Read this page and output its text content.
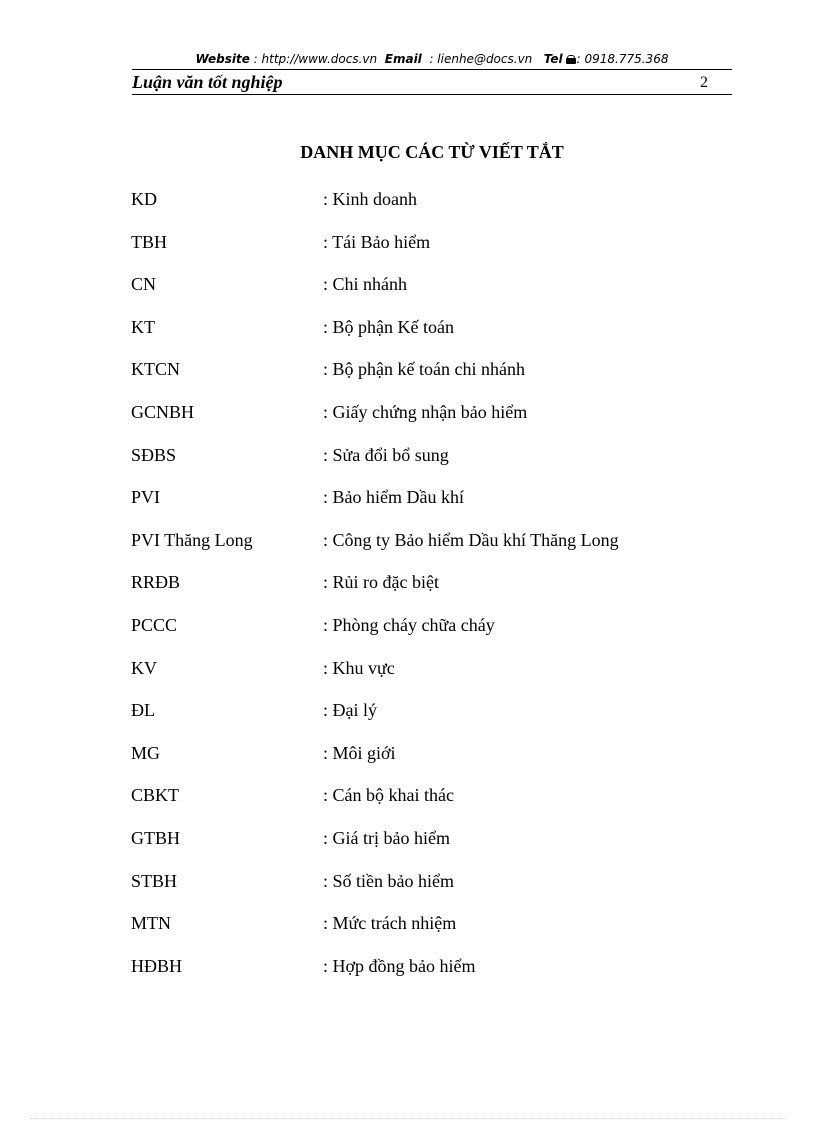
Website : http://www.docs.vn Email : lienhe@docs.vn Tel : 0918.775.368
Luận văn tốt nghiệp	2
DANH MỤC CÁC TỪ VIẾT TẮT
KD	: Kinh doanh
TBH	: Tái Bảo hiểm
CN	: Chi nhánh
KT	: Bộ phận Kế toán
KTCN	: Bộ phận kế toán chi nhánh
GCNBH	: Giấy chứng nhận bảo hiểm
SĐBS	: Sửa đổi bổ sung
PVI	: Bảo hiểm Dầu khí
PVI Thăng Long	: Công ty Bảo hiểm Dầu khí Thăng Long
RRĐB	: Rủi ro đặc biệt
PCCC	: Phòng cháy chữa cháy
KV	: Khu vực
ĐL	: Đại lý
MG	: Môi giới
CBKT	: Cán bộ khai thác
GTBH	: Giá trị bảo hiểm
STBH	: Số tiền bảo hiểm
MTN	: Mức trách nhiệm
HĐBH	: Hợp đồng bảo hiểm
